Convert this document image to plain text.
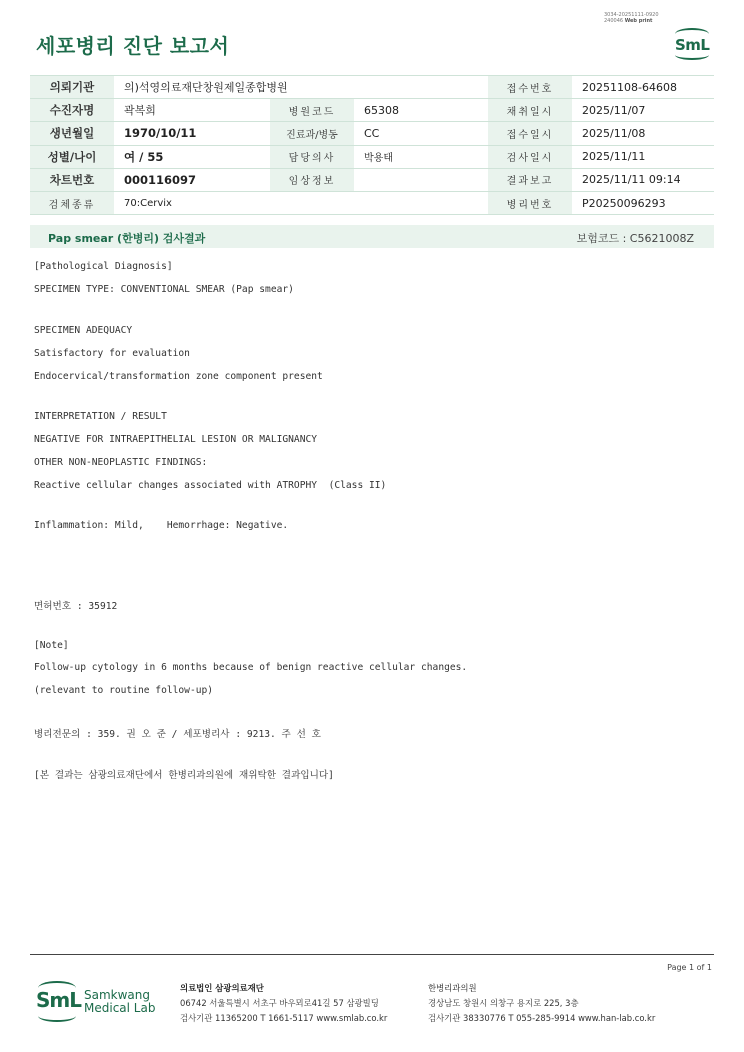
3034-20251111-0920
240046 Web print
세포병리 진단 보고서	SmL
의뢰기관	의)석영의료재단창원제일종합병원			접수번호	20251108-64608
수진자명	곽복희	병원코드	65308	채취일시	2025/11/07
생년월일	1970/10/11	진료과/병동	CC	접수일시	2025/11/08
성별/나이	여 / 55	담당의사	박용태	검사일시	2025/11/11
차트번호	000116097	임상정보		결과보고	2025/11/11 09:14
검체종류	70:Cervix			병리번호	P20250096293
Pap smear (한병리) 검사결과	보험코드 : C5621008Z
[Pathological Diagnosis]
SPECIMEN TYPE: CONVENTIONAL SMEAR (Pap smear)
SPECIMEN ADEQUACY
Satisfactory for evaluation
Endocervical/transformation zone component present
INTERPRETATION / RESULT
NEGATIVE FOR INTRAEPITHELIAL LESION OR MALIGNANCY
OTHER NON-NEOPLASTIC FINDINGS:
Reactive cellular changes associated with ATROPHY  (Class II)
Inflammation: Mild,    Hemorrhage: Negative.
면허번호 : 35912
[Note]
Follow-up cytology in 6 months because of benign reactive cellular changes.
(relevant to routine follow-up)
병리전문의 : 359. 권 오 준 / 세포병리사 : 9213. 주 선 호
[본 결과는 삼광의료재단에서 한병리과의원에 재위탁한 결과입니다]
Page 1 of 1
SmL Samkwang
Medical Lab
의료법인 삼광의료재단
06742 서울특별시 서초구 바우뫼로41길 57 삼광빌딩
검사기관 11365200 T 1661-5117 www.smlab.co.kr
한병리과의원
경상남도 창원시 의창구 용지로 225, 3층
검사기관 38330776 T 055-285-9914 www.han-lab.co.kr
